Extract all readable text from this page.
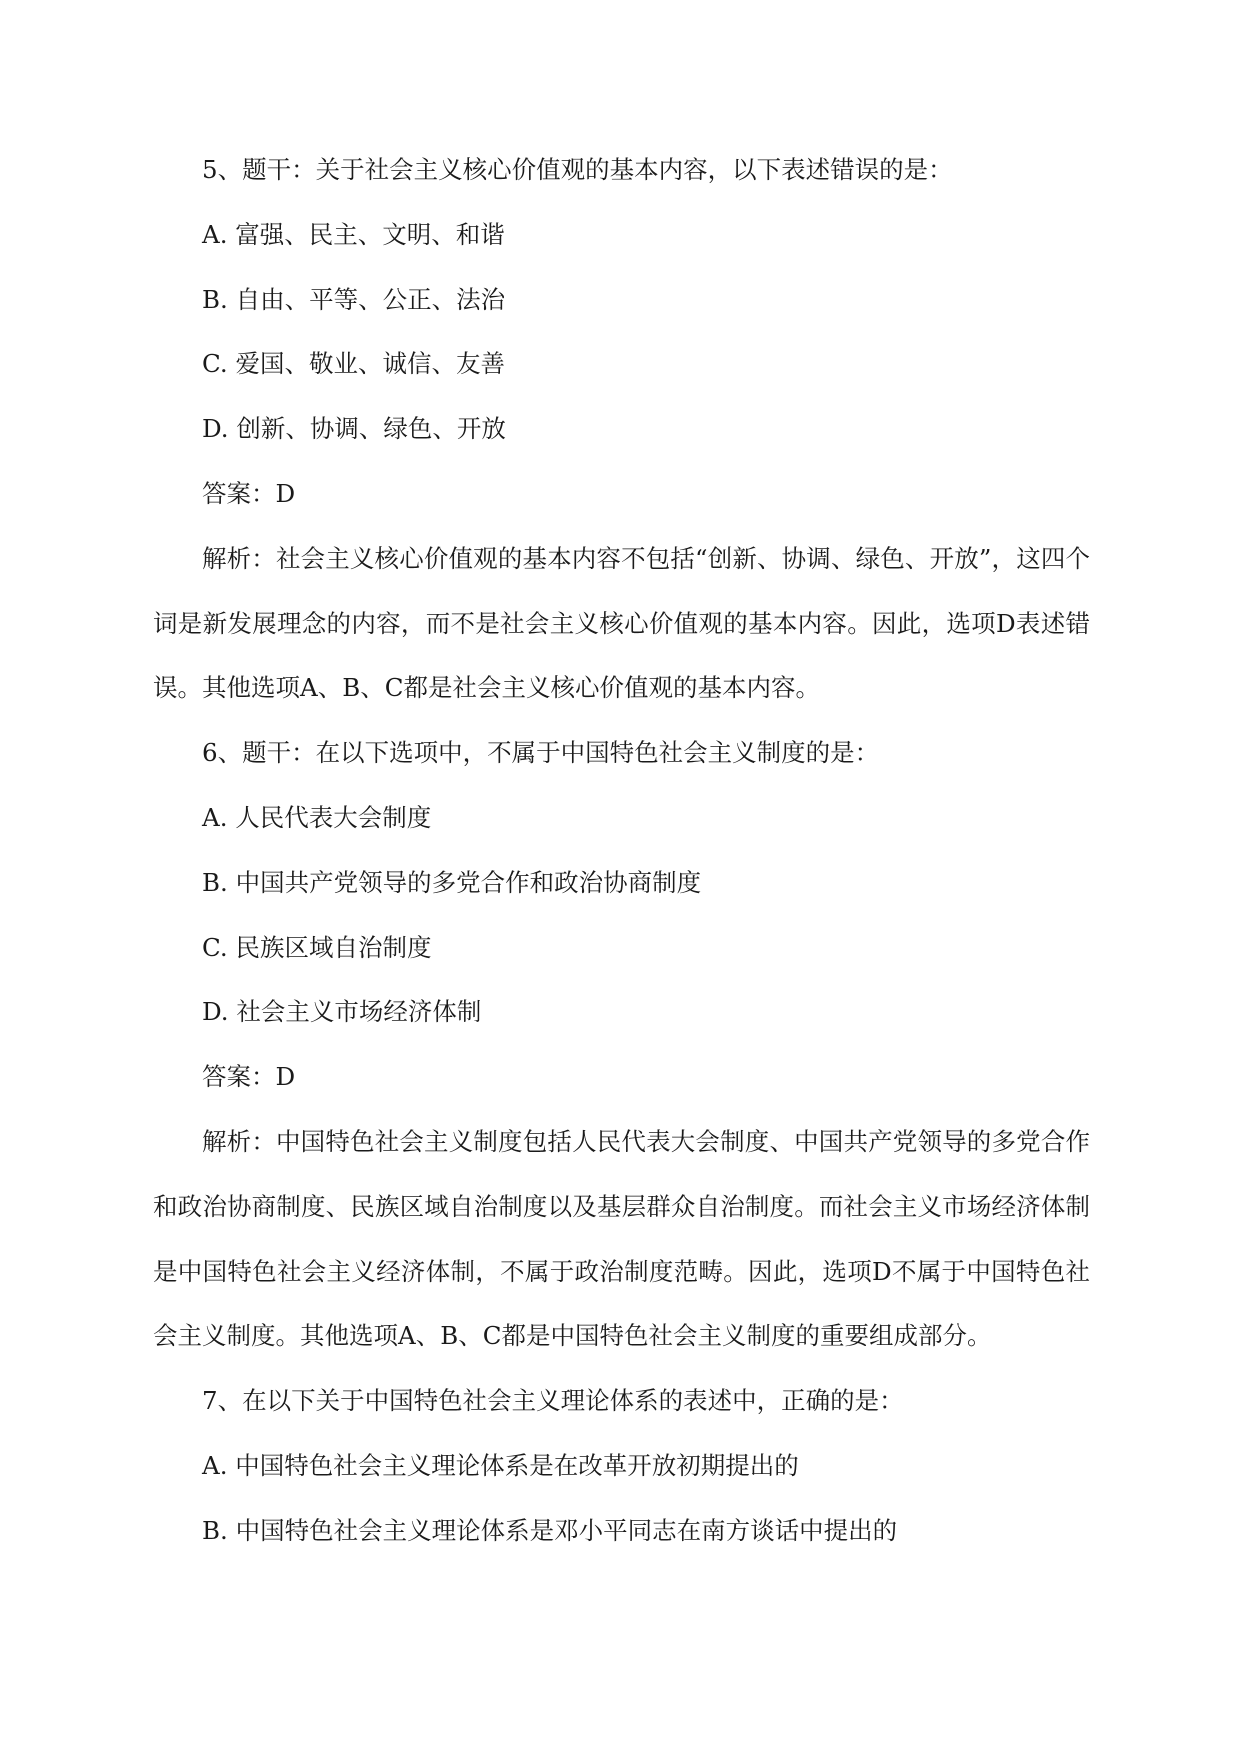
5、题干：关于社会主义核心价值观的基本内容，以下表述错误的是：

A. 富强、民主、文明、和谐

B. 自由、平等、公正、法治

C. 爱国、敬业、诚信、友善

D. 创新、协调、绿色、开放

答案：D

解析：社会主义核心价值观的基本内容不包括“创新、协调、绿色、开放”，这四个词是新发展理念的内容，而不是社会主义核心价值观的基本内容。因此，选项D表述错误。其他选项A、B、C都是社会主义核心价值观的基本内容。

6、题干：在以下选项中，不属于中国特色社会主义制度的是：

A. 人民代表大会制度

B. 中国共产党领导的多党合作和政治协商制度

C. 民族区域自治制度

D. 社会主义市场经济体制

答案：D

解析：中国特色社会主义制度包括人民代表大会制度、中国共产党领导的多党合作和政治协商制度、民族区域自治制度以及基层群众自治制度。而社会主义市场经济体制是中国特色社会主义经济体制，不属于政治制度范畴。因此，选项D不属于中国特色社会主义制度。其他选项A、B、C都是中国特色社会主义制度的重要组成部分。

7、在以下关于中国特色社会主义理论体系的表述中，正确的是：

A. 中国特色社会主义理论体系是在改革开放初期提出的

B. 中国特色社会主义理论体系是邓小平同志在南方谈话中提出的
